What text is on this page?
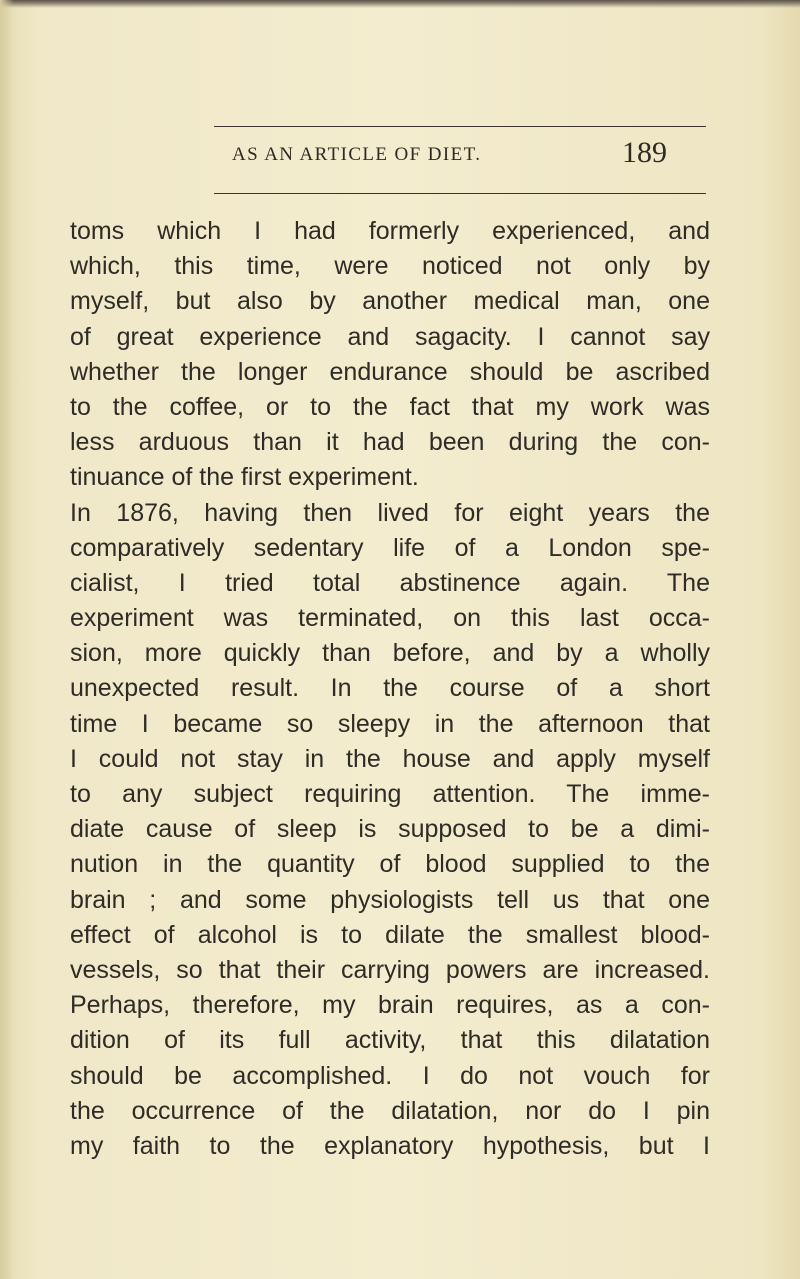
AS AN ARTICLE OF DIET.	189
toms which I had formerly experienced, and
which, this time, were noticed not only by
myself, but also by another medical man, one
of great experience and sagacity. I cannot say
whether the longer endurance should be ascribed
to the coffee, or to the fact that my work was
less arduous than it had been during the con-
tinuance of the first experiment.
In 1876, having then lived for eight years the
comparatively sedentary life of a London spe-
cialist, I tried total abstinence again. The
experiment was terminated, on this last occa-
sion, more quickly than before, and by a wholly
unexpected result. In the course of a short
time I became so sleepy in the afternoon that
I could not stay in the house and apply myself
to any subject requiring attention. The imme-
diate cause of sleep is supposed to be a dimi-
nution in the quantity of blood supplied to the
brain ; and some physiologists tell us that one
effect of alcohol is to dilate the smallest blood-
vessels, so that their carrying powers are increased.
Perhaps, therefore, my brain requires, as a con-
dition of its full activity, that this dilatation
should be accomplished. I do not vouch for
the occurrence of the dilatation, nor do I pin
my faith to the explanatory hypothesis, but I
